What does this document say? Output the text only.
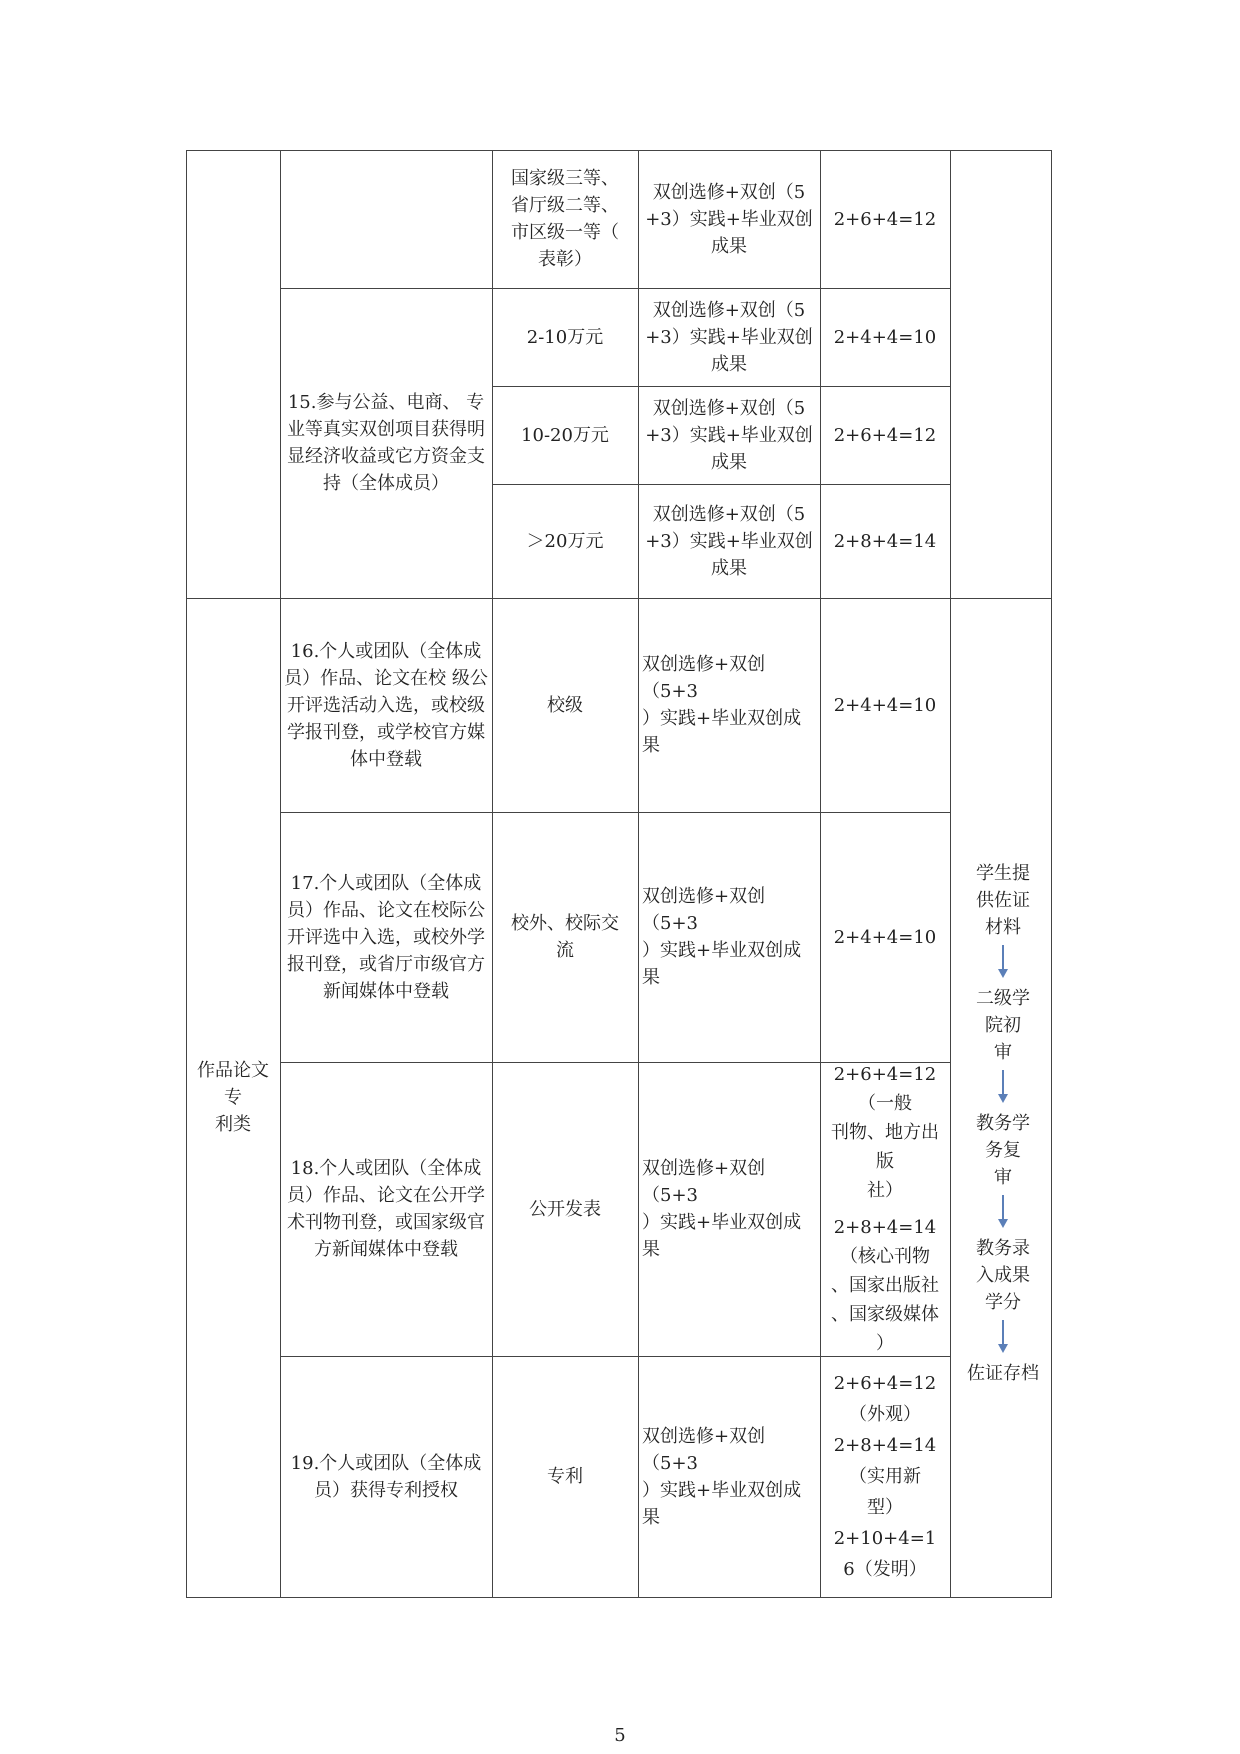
国家级三等、
省厅级二等、
市区级一等（
表彰）
双创选修+双创（5
+3）实践+毕业双创
成果
2+6+4=12
15.参与公益、电商、 专
业等真实双创项目获得明
显经济收益或它方资金支
持（全体成员）
2-10万元
双创选修+双创（5
+3）实践+毕业双创
成果
2+4+4=10
10-20万元
双创选修+双创（5
+3）实践+毕业双创
成果
2+6+4=12
＞20万元
双创选修+双创（5
+3）实践+毕业双创
成果
2+8+4=14
作品论文专
利类
16.个人或团队（全体成
员）作品、论文在校 级公
开评选活动入选，或校级
学报刊登，或学校官方媒
体中登载
校级
双创选修+双创（5+3
）实践+毕业双创成果
2+4+4=10
17.个人或团队（全体成
员）作品、论文在校际公
开评选中入选，或校外学
报刊登，或省厅市级官方
新闻媒体中登载
校外、校际交
流
双创选修+双创（5+3
）实践+毕业双创成果
2+4+4=10
18.个人或团队（全体成
员）作品、论文在公开学
术刊物刊登，或国家级官
方新闻媒体中登载
公开发表
双创选修+双创（5+3
）实践+毕业双创成果
2+6+4=12（一般
刊物、地方出版
社）
2+8+4=14
（核心刊物
、国家出版社
、国家级媒体
）
19.个人或团队（全体成
员）获得专利授权
专利
双创选修+双创（5+3
）实践+毕业双创成果
2+6+4=12
（外观）
2+8+4=14
（实用新
型）
2+10+4=1
6（发明）
学生提
供佐证
材料
二级学
院初
审
教务学
务复
审
教务录
入成果
学分
佐证存档
5
